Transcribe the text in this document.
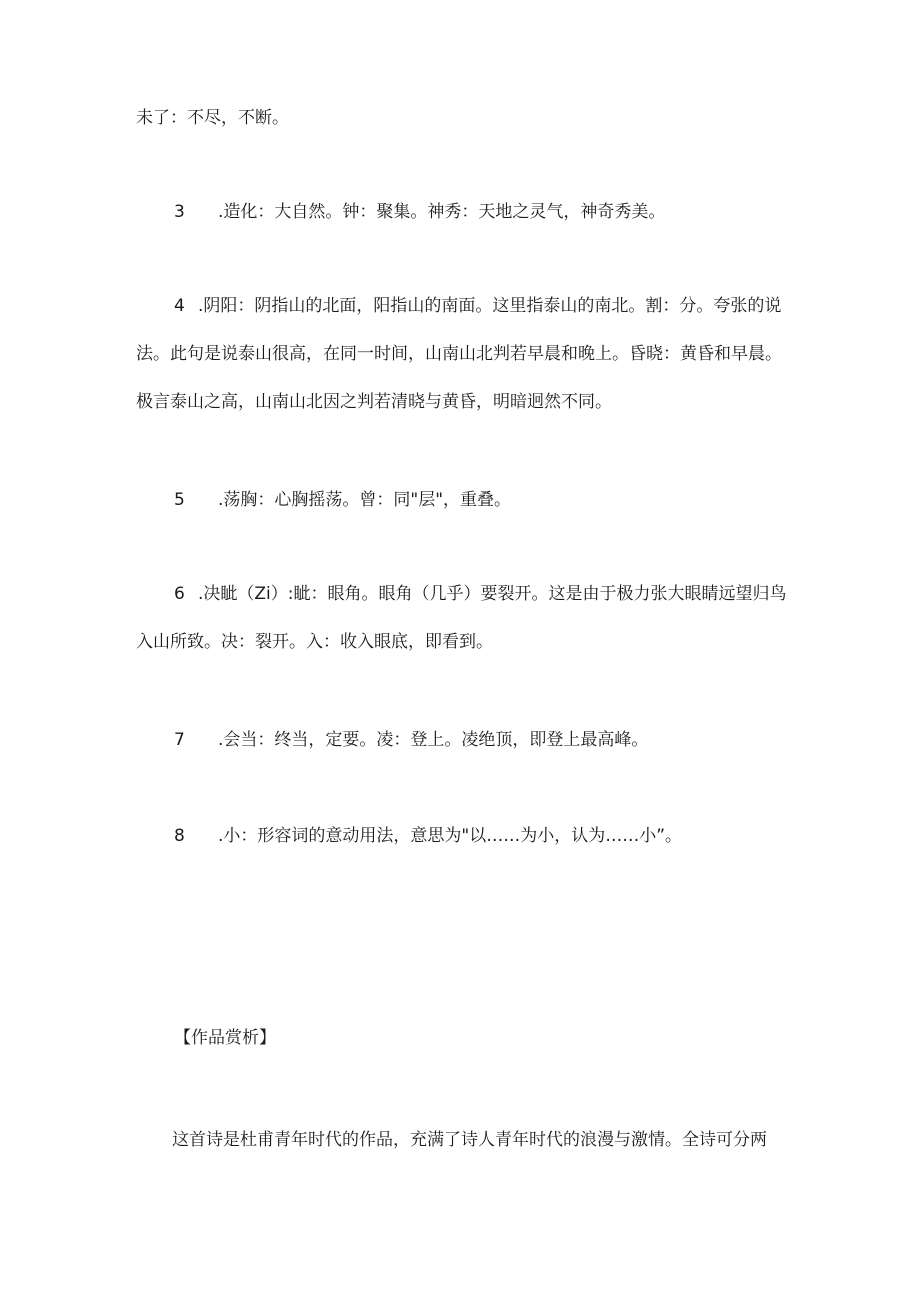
未了：不尽，不断。
3 .造化：大自然。钟：聚集。神秀：天地之灵气，神奇秀美。
4 .阴阳：阴指山的北面，阳指山的南面。这里指泰山的南北。割：分。夸张的说
法。此句是说泰山很高，在同一时间，山南山北判若早晨和晚上。昏晓：黄昏和早晨。
极言泰山之高，山南山北因之判若清晓与黄昏，明暗迥然不同。
5 .荡胸：心胸摇荡。曾：同"层"，重叠。
6 .决眦（Zi）:眦：眼角。眼角（几乎）要裂开。这是由于极力张大眼睛远望归鸟
入山所致。决：裂开。入：收入眼底，即看到。
7 .会当：终当，定要。凌：登上。凌绝顶，即登上最高峰。
8 .小：形容词的意动用法，意思为"以……为小，认为……小”。
【作品赏析】
这首诗是杜甫青年时代的作品，充满了诗人青年时代的浪漫与激情。全诗可分两
